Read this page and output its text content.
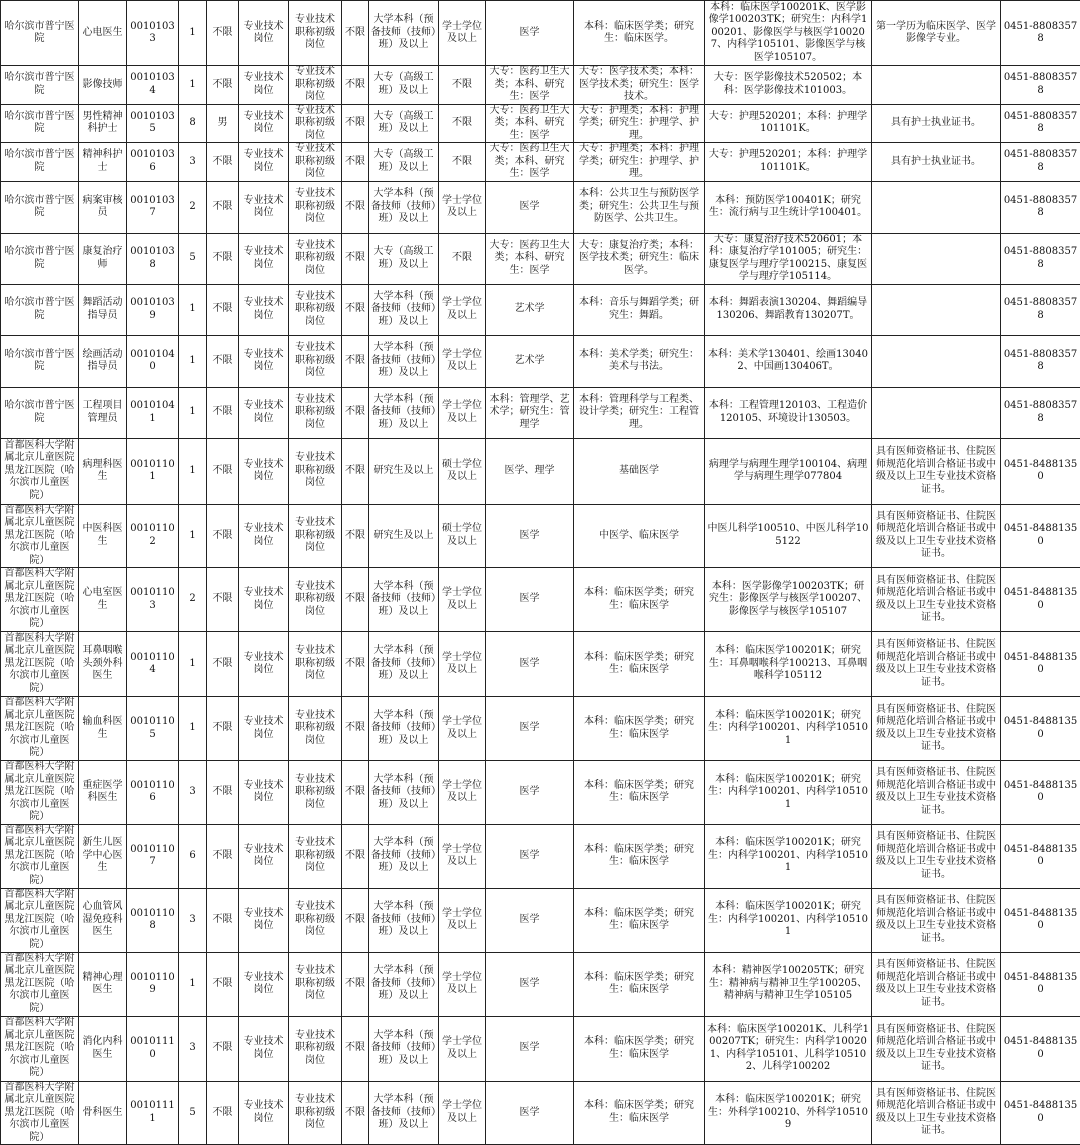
哈尔滨市普宁医院	心电医生	00101033	1	不限	专业技术岗位	专业技术职称初级岗位	不限	大学本科（预备技师（技师）班）及以上	学士学位及以上	医学	本科：临床医学类；研究生：临床医学。	本科：临床医学100201K、医学影像学100203TK；研究生：内科学100201、影像医学与核医学100207、内科学105101、影像医学与核医学105107。	第一学历为临床医学、医学影像学专业。	0451-88083578
哈尔滨市普宁医院	影像技师	00101034	1	不限	专业技术岗位	专业技术职称初级岗位	不限	大专（高级工班）及以上	不限	大专：医药卫生大类；本科、研究生：医学	大专：医学技术类；本科：医学技术类；研究生：医学技术。	大专：医学影像技术520502；本科：医学影像技术101003。		0451-88083578
哈尔滨市普宁医院	男性精神科护士	00101035	8	男	专业技术岗位	专业技术职称初级岗位	不限	大专（高级工班）及以上	不限	大专：医药卫生大类；本科、研究生：医学	大专：护理类；本科：护理学类；研究生：护理学、护理。	大专：护理520201；本科：护理学101101K。	具有护士执业证书。	0451-88083578
哈尔滨市普宁医院	精神科护士	00101036	3	不限	专业技术岗位	专业技术职称初级岗位	不限	大专（高级工班）及以上	不限	大专：医药卫生大类；本科、研究生：医学	大专：护理类；本科：护理学类；研究生：护理学、护理。	大专：护理520201；本科：护理学101101K。	具有护士执业证书。	0451-88083578
哈尔滨市普宁医院	病案审核员	00101037	2	不限	专业技术岗位	专业技术职称初级岗位	不限	大学本科（预备技师（技师）班）及以上	学士学位及以上	医学	本科：公共卫生与预防医学类；研究生：公共卫生与预防医学、公共卫生。	本科：预防医学100401K；研究生：流行病与卫生统计学100401。		0451-88083578
哈尔滨市普宁医院	康复治疗师	00101038	5	不限	专业技术岗位	专业技术职称初级岗位	不限	大专（高级工班）及以上	不限	大专：医药卫生大类；本科、研究生：医学	大专：康复治疗类；本科：医学技术类；研究生：临床医学。	大专：康复治疗技术520601；本科：康复治疗学101005；研究生：康复医学与理疗学100215、康复医学与理疗学105114。		0451-88083578
哈尔滨市普宁医院	舞蹈活动指导员	00101039	1	不限	专业技术岗位	专业技术职称初级岗位	不限	大学本科（预备技师（技师）班）及以上	学士学位及以上	艺术学	本科：音乐与舞蹈学类；研究生：舞蹈。	本科：舞蹈表演130204、舞蹈编导130206、舞蹈教育130207T。		0451-88083578
哈尔滨市普宁医院	绘画活动指导员	00101040	1	不限	专业技术岗位	专业技术职称初级岗位	不限	大学本科（预备技师（技师）班）及以上	学士学位及以上	艺术学	本科：美术学类；研究生：美术与书法。	本科：美术学130401、绘画130402、中国画130406T。		0451-88083578
哈尔滨市普宁医院	工程项目管理员	00101041	1	不限	专业技术岗位	专业技术职称初级岗位	不限	大学本科（预备技师（技师）班）及以上	学士学位及以上	本科：管理学、艺术学；研究生：管理学	本科：管理科学与工程类、设计学类；研究生：工程管理。	本科：工程管理120103、工程造价120105、环境设计130503。		0451-88083578
首都医科大学附属北京儿童医院黑龙江医院（哈尔滨市儿童医院）	病理科医生	00101101	1	不限	专业技术岗位	专业技术职称初级岗位	不限	研究生及以上	硕士学位及以上	医学、理学	基础医学	病理学与病理生理学100104、病理学与病理生理学077804	具有医师资格证书、住院医师规范化培训合格证书或中级及以上卫生专业技术资格证书。	0451-84881350
首都医科大学附属北京儿童医院黑龙江医院（哈尔滨市儿童医院）	中医科医生	00101102	1	不限	专业技术岗位	专业技术职称初级岗位	不限	研究生及以上	硕士学位及以上	医学	中医学、临床医学	中医儿科学100510、中医儿科学105122	具有医师资格证书、住院医师规范化培训合格证书或中级及以上卫生专业技术资格证书。	0451-84881350
首都医科大学附属北京儿童医院黑龙江医院（哈尔滨市儿童医院）	心电室医生	00101103	2	不限	专业技术岗位	专业技术职称初级岗位	不限	大学本科（预备技师（技师）班）及以上	学士学位及以上	医学	本科：临床医学类；研究生：临床医学	本科：医学影像学100203TK；研究生：影像医学与核医学100207、影像医学与核医学105107	具有医师资格证书、住院医师规范化培训合格证书或中级及以上卫生专业技术资格证书。	0451-84881350
首都医科大学附属北京儿童医院黑龙江医院（哈尔滨市儿童医院）	耳鼻咽喉头颈外科医生	00101104	1	不限	专业技术岗位	专业技术职称初级岗位	不限	大学本科（预备技师（技师）班）及以上	学士学位及以上	医学	本科：临床医学类；研究生：临床医学	本科：临床医学100201K；研究生：耳鼻咽喉科学100213、耳鼻咽喉科学105112	具有医师资格证书、住院医师规范化培训合格证书或中级及以上卫生专业技术资格证书。	0451-84881350
首都医科大学附属北京儿童医院黑龙江医院（哈尔滨市儿童医院）	输血科医生	00101105	1	不限	专业技术岗位	专业技术职称初级岗位	不限	大学本科（预备技师（技师）班）及以上	学士学位及以上	医学	本科：临床医学类；研究生：临床医学	本科：临床医学100201K；研究生：内科学100201、内科学105101	具有医师资格证书、住院医师规范化培训合格证书或中级及以上卫生专业技术资格证书。	0451-84881350
首都医科大学附属北京儿童医院黑龙江医院（哈尔滨市儿童医院）	重症医学科医生	00101106	3	不限	专业技术岗位	专业技术职称初级岗位	不限	大学本科（预备技师（技师）班）及以上	学士学位及以上	医学	本科：临床医学类；研究生：临床医学	本科：临床医学100201K；研究生：内科学100201、内科学105101	具有医师资格证书、住院医师规范化培训合格证书或中级及以上卫生专业技术资格证书。	0451-84881350
首都医科大学附属北京儿童医院黑龙江医院（哈尔滨市儿童医院）	新生儿医学中心医生	00101107	6	不限	专业技术岗位	专业技术职称初级岗位	不限	大学本科（预备技师（技师）班）及以上	学士学位及以上	医学	本科：临床医学类；研究生：临床医学	本科：临床医学100201K；研究生：内科学100201、内科学105101	具有医师资格证书、住院医师规范化培训合格证书或中级及以上卫生专业技术资格证书。	0451-84881350
首都医科大学附属北京儿童医院黑龙江医院（哈尔滨市儿童医院）	心血管风湿免疫科医生	00101108	3	不限	专业技术岗位	专业技术职称初级岗位	不限	大学本科（预备技师（技师）班）及以上	学士学位及以上	医学	本科：临床医学类；研究生：临床医学	本科：临床医学100201K；研究生：内科学100201、内科学105101	具有医师资格证书、住院医师规范化培训合格证书或中级及以上卫生专业技术资格证书。	0451-84881350
首都医科大学附属北京儿童医院黑龙江医院（哈尔滨市儿童医院）	精神心理医生	00101109	1	不限	专业技术岗位	专业技术职称初级岗位	不限	大学本科（预备技师（技师）班）及以上	学士学位及以上	医学	本科：临床医学类；研究生：临床医学	本科：精神医学100205TK；研究生：精神病与精神卫生学100205、精神病与精神卫生学105105	具有医师资格证书、住院医师规范化培训合格证书或中级及以上卫生专业技术资格证书。	0451-84881350
首都医科大学附属北京儿童医院黑龙江医院（哈尔滨市儿童医院）	消化内科医生	00101110	3	不限	专业技术岗位	专业技术职称初级岗位	不限	大学本科（预备技师（技师）班）及以上	学士学位及以上	医学	本科：临床医学类；研究生：临床医学	本科：临床医学100201K、儿科学100207TK；研究生：内科学100201、内科学105101、儿科学105102、儿科学100202	具有医师资格证书、住院医师规范化培训合格证书或中级及以上卫生专业技术资格证书。	0451-84881350
首都医科大学附属北京儿童医院黑龙江医院（哈尔滨市儿童医院）	骨科医生	00101111	5	不限	专业技术岗位	专业技术职称初级岗位	不限	大学本科（预备技师（技师）班）及以上	学士学位及以上	医学	本科：临床医学类；研究生：临床医学	本科：临床医学100201K；研究生：外科学100210、外科学105109	具有医师资格证书、住院医师规范化培训合格证书或中级及以上卫生专业技术资格证书。	0451-84881350
